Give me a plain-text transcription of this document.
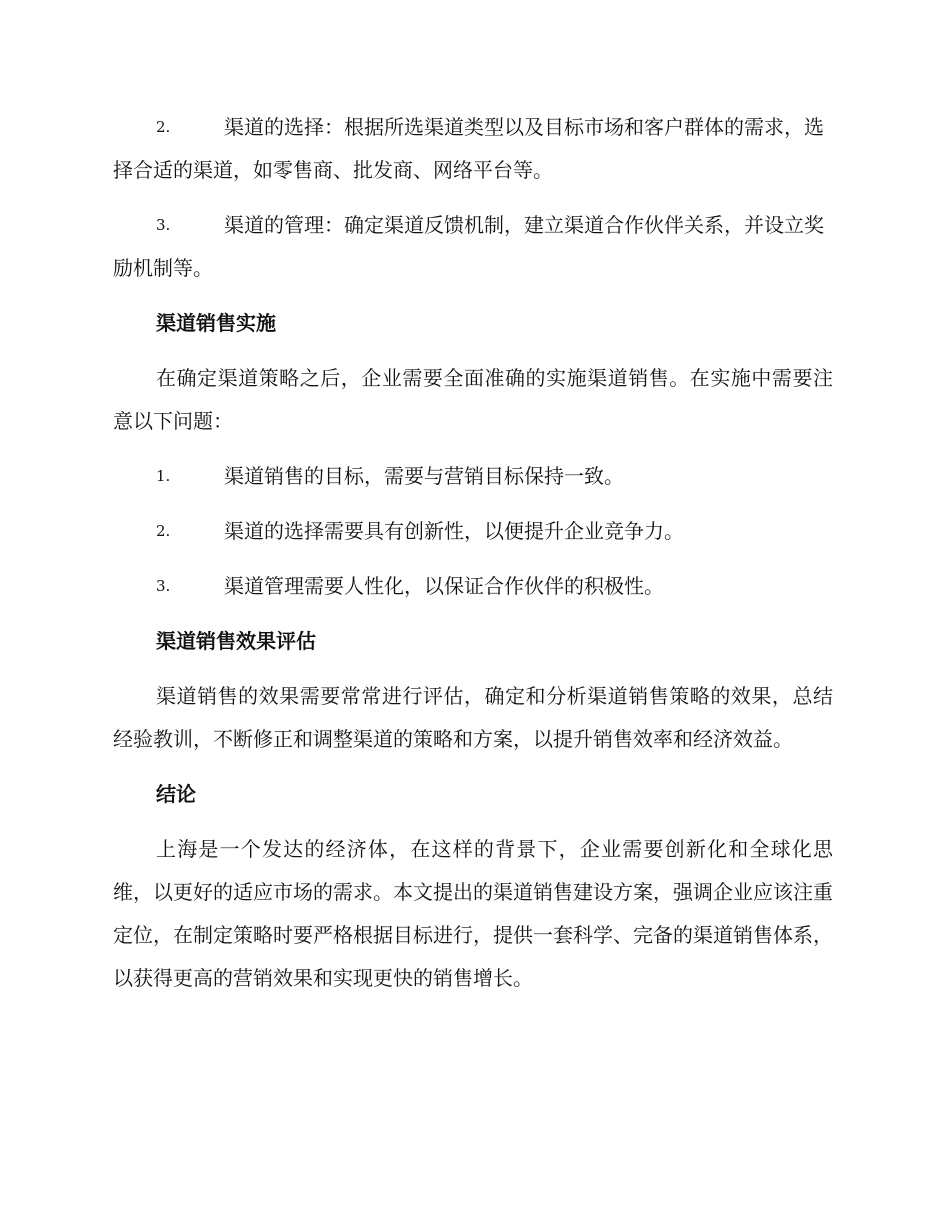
2.	渠道的选择：根据所选渠道类型以及目标市场和客户群体的需求，选择合适的渠道，如零售商、批发商、网络平台等。
3.	渠道的管理：确定渠道反馈机制，建立渠道合作伙伴关系，并设立奖励机制等。
渠道销售实施
在确定渠道策略之后，企业需要全面准确的实施渠道销售。在实施中需要注意以下问题：
1.	渠道销售的目标，需要与营销目标保持一致。
2.	渠道的选择需要具有创新性，以便提升企业竞争力。
3.	渠道管理需要人性化，以保证合作伙伴的积极性。
渠道销售效果评估
渠道销售的效果需要常常进行评估，确定和分析渠道销售策略的效果，总结经验教训，不断修正和调整渠道的策略和方案，以提升销售效率和经济效益。
结论
上海是一个发达的经济体，在这样的背景下，企业需要创新化和全球化思维，以更好的适应市场的需求。本文提出的渠道销售建设方案，强调企业应该注重定位，在制定策略时要严格根据目标进行，提供一套科学、完备的渠道销售体系，以获得更高的营销效果和实现更快的销售增长。
